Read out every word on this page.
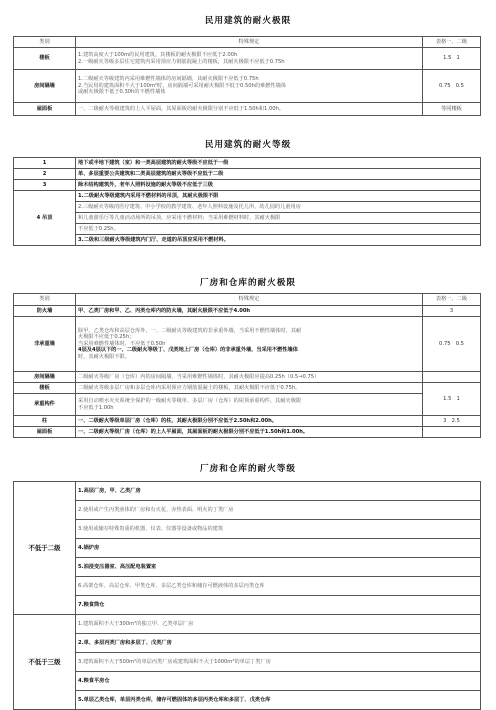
民用建筑的耐火极限
类别	特殊规定	表格一、二级
楼板	1.建筑高度大于100m的民用建筑，其楼板的耐火极限不应低于2.00h
2.一级耐火等级多层住宅建筑内采用预应力钢筋混凝土的楼板，其耐火极限不应低于0.75h	1.5　1
房间隔墙	1.二级耐火等级建筑内采用难燃性墙体的房间隔墙，其耐火极限不应低于0.75h
2.当民用的建筑面积不大于100m²时，房间隔墙可采用耐火极限不低于0.50h的难燃性墙体
或耐火极限不低于0.30h的不燃性墙体	0.75　0.5
屋面板	一、二级耐火等级建筑的上人平屋面，其屋面板的耐火极限分别不应低于1.50h和1.00h。	等同楼板
民用建筑的耐火等级
1	地下或半地下建筑（室）和一类高层建筑的耐火等级不应低于一级
2	单、多层重要公共建筑和二类高层建筑的耐火等级不应低于二级
3	除木结构建筑外，老年人照料设施的耐火等级不应低于三级
4 吊顶	1.二级耐火等级建筑内采用不燃材料的吊顶，其耐火极限不限
	2.三级耐火等级的医疗建筑、中小学校的教学建筑、老年人照料设施及托儿所、幼儿园的儿童用房
	和儿童游乐厅等儿童活动场所的吊顶，应采用不燃材料；当采用难燃材料时，其耐火极限
	不应低于0.25h。
	3.二级和三级耐火等级建筑内门厅、走道的吊顶应采用不燃材料。
厂房和仓库的耐火极限
类别	特殊规定	表格一、二级
防火墙	甲、乙类厂房和甲、乙、丙类仓库内的防火墙，其耐火极限不应低于4.00h	3
非承重墙	除甲、乙类仓库和高层仓库外，一、二级耐火等级建筑的非承重外墙，当采用不燃性墙体时，其耐
火极限不应低于0.25h；
当采用难燃性墙体时，不应低于0.50h
4层及4层以下的一、二级耐火等级丁、戊类地上厂房（仓库）的非承重外墙，当采用不燃性墙体
时，其耐火极限不限。	0.75　0.5
房间隔墙	二级耐火等级厂房（仓库）内的房间隔墙，当采用难燃性墙体时，其耐火极限应提高0.25h（0.5→0.75）	
楼板	二级耐火等级多层厂房和多层仓库内采用预应力钢筋混凝土的楼板，其耐火极限不应低于0.75h。	1.5　1
承重构件	采用自动喷水灭火系统全保护的一级耐火等级单、多层厂房（仓库）的屋顶承重构件，其耐火极限
不应低于1.00h	

柱	一、二级耐火等级单层厂房（仓库）的柱，其耐火极限分别不应低于2.50h和2.00h。	3　2.5
屋面板	一、二级耐火等级厂房（仓库）的上人平屋面，其屋面板的耐火极限分别不应低于1.50h和1.00h。	
厂房和仓库的耐火等级
不低于二级	1.高层厂房，甲、乙类厂房
	2.使用或产生丙类液体的厂房和有火花、赤热表面、明火的丁类厂房
	3.使用或储存特殊贵重的机器、仪表、仪器等设备或物品的建筑
	4.锅炉房
	5.油浸变压器室、高压配电装置室
	6.高架仓库、高层仓库、甲类仓库、多层乙类仓库和储存可燃液体的多层丙类仓库
	7.粮食筒仓
不低于三级	1.建筑面积不大于300m²的独立甲、乙类单层厂房
	2.单、多层丙类厂房和多层丁、戊类厂房
	3.建筑面积不大于500m²的单层丙类厂房或建筑面积不大于1000m²的单层丁类厂房
	4.粮食平房仓
	5.单层乙类仓库，单层丙类仓库，储存可燃固体的多层丙类仓库和多层丁、戊类仓库
